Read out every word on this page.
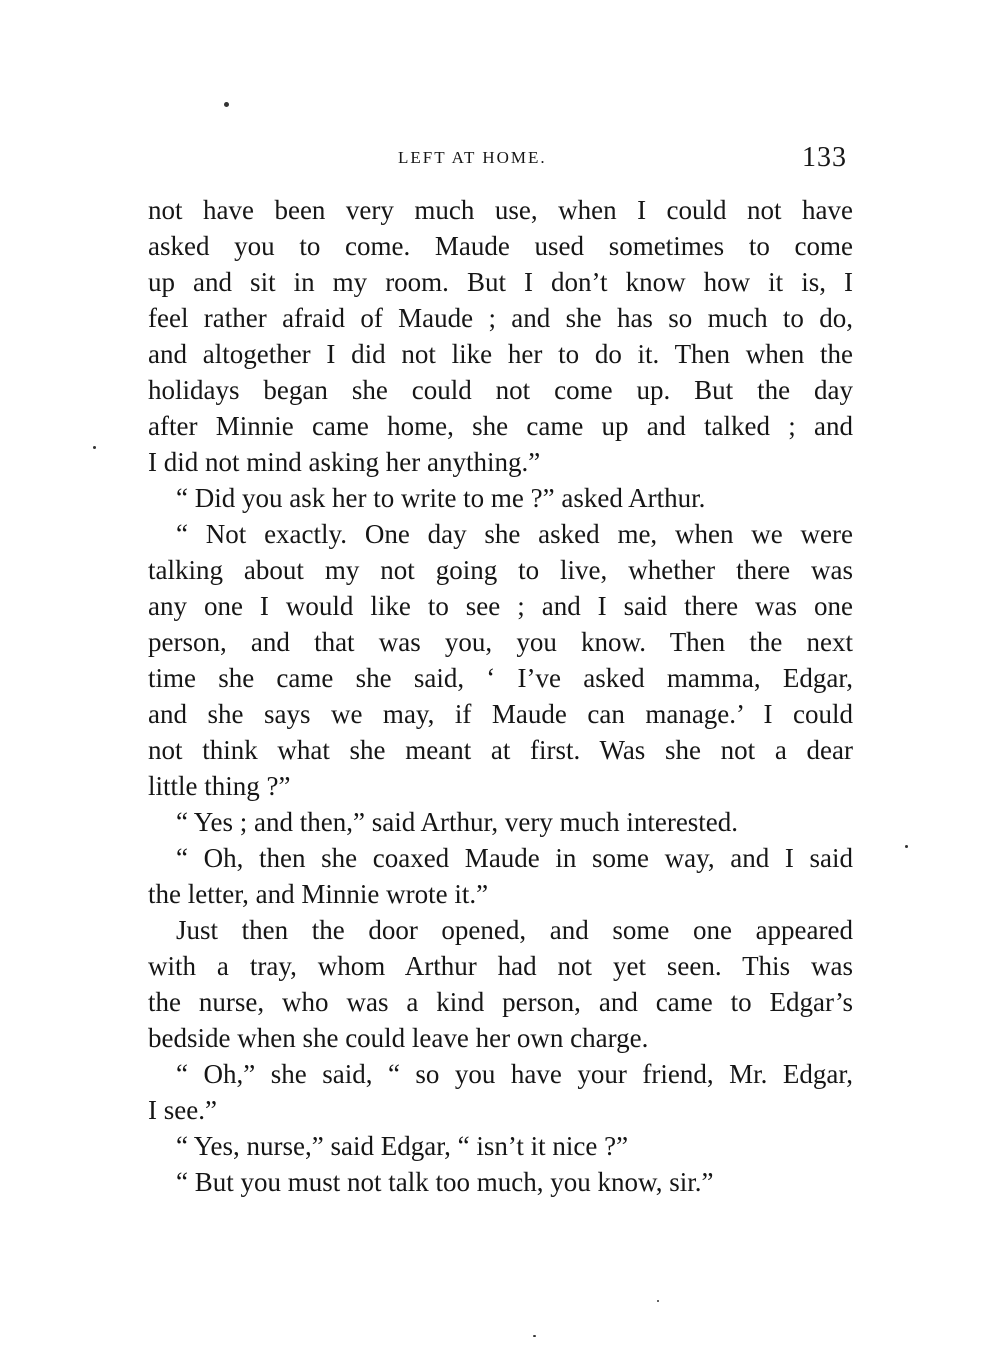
LEFT AT HOME.	133
not have been very much use, when I could not have
asked you to come. Maude used sometimes to come
up and sit in my room. But I don’t know how it is, I
feel rather afraid of Maude ; and she has so much to do,
and altogether I did not like her to do it. Then when the
holidays began she could not come up. But the day
after Minnie came home, she came up and talked ; and
I did not mind asking her anything.”
“ Did you ask her to write to me ?” asked Arthur.
“ Not exactly. One day she asked me, when we were
talking about my not going to live, whether there was
any one I would like to see ; and I said there was one
person, and that was you, you know. Then the next
time she came she said, ‘ I’ve asked mamma, Edgar,
and she says we may, if Maude can manage.’ I could
not think what she meant at first. Was she not a dear
little thing ?”
“ Yes ; and then,” said Arthur, very much interested.
“ Oh, then she coaxed Maude in some way, and I said
the letter, and Minnie wrote it.”
Just then the door opened, and some one appeared
with a tray, whom Arthur had not yet seen. This was
the nurse, who was a kind person, and came to Edgar’s
bedside when she could leave her own charge.
“ Oh,” she said, “ so you have your friend, Mr. Edgar,
I see.”
“ Yes, nurse,” said Edgar, “ isn’t it nice ?”
“ But you must not talk too much, you know, sir.”
